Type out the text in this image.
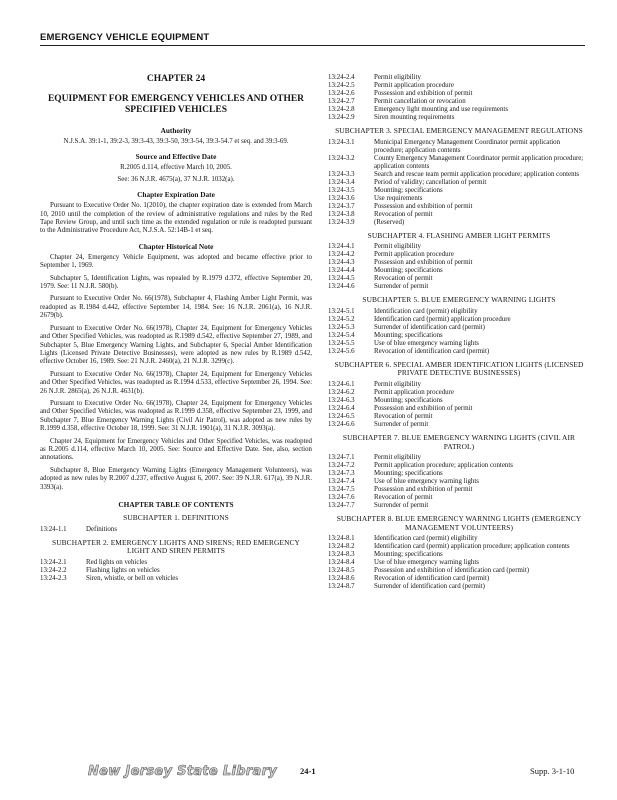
EMERGENCY VEHICLE EQUIPMENT
CHAPTER 24
EQUIPMENT FOR EMERGENCY VEHICLES AND OTHER SPECIFIED VEHICLES
Authority
N.J.S.A. 39:1-1, 39:2-3, 39:3-43, 39:3-50, 39:3-54, 39:3-54.7 et seq. and 39:3-69.
Source and Effective Date
R.2005 d.114, effective March 10, 2005.
See: 36 N.J.R. 4675(a), 37 N.J.R. 1032(a).
Chapter Expiration Date
Pursuant to Executive Order No. 1(2010), the chapter expiration date is extended from March 10, 2010 until the completion of the review of administrative regulations and rules by the Red Tape Review Group, and until such time as the extended regulation or rule is readopted pursuant to the Administrative Procedure Act, N.J.S.A. 52:14B-1 et seq.
Chapter Historical Note
Chapter 24, Emergency Vehicle Equipment, was adopted and became effective prior to September 1, 1969.
Subchapter 5, Identification Lights, was repealed by R.1979 d.372, effective September 20, 1979. See: 11 N.J.R. 580(b).
Pursuant to Executive Order No. 66(1978), Subchapter 4, Flashing Amber Light Permit, was readopted as R.1984 d.442, effective September 14, 1984. See: 16 N.J.R. 2061(a), 16 N.J.R. 2679(b).
Pursuant to Executive Order No. 66(1978), Chapter 24, Equipment for Emergency Vehicles and Other Specified Vehicles, was readopted as R.1989 d.542, effective September 27, 1989, and Subchapter 5, Blue Emergency Warning Lights, and Subchapter 6, Special Amber Identification Lights (Licensed Private Detective Businesses), were adopted as new rules by R.1989 d.542, effective October 16, 1989. See: 21 N.J.R. 2460(a), 21 N.J.R. 3299(c).
Pursuant to Executive Order No. 66(1978), Chapter 24, Equipment for Emergency Vehicles and Other Specified Vehicles, was readopted as R.1994 d.533, effective September 26, 1994. See: 26 N.J.R. 2865(a), 26 N.J.R. 4631(b).
Pursuant to Executive Order No. 66(1978), Chapter 24, Equipment for Emergency Vehicles and Other Specified Vehicles, was readopted as R.1999 d.358, effective September 23, 1999, and Subchapter 7, Blue Emergency Warning Lights (Civil Air Patrol), was adopted as new rules by R.1999 d.358, effective October 18, 1999. See: 31 N.J.R. 1901(a), 31 N.J.R. 3093(a).
Chapter 24, Equipment for Emergency Vehicles and Other Specified Vehicles, was readopted as R.2005 d.114, effective March 10, 2005. See: Source and Effective Date. See, also, section annotations.
Subchapter 8, Blue Emergency Warning Lights (Emergency Management Volunteers), was adopted as new rules by R.2007 d.237, effective August 6, 2007. See: 39 N.J.R. 617(a), 39 N.J.R. 3393(a).
CHAPTER TABLE OF CONTENTS
SUBCHAPTER 1. DEFINITIONS
13:24-1.1	Definitions
SUBCHAPTER 2. EMERGENCY LIGHTS AND SIRENS; RED EMERGENCY LIGHT AND SIREN PERMITS
13:24-2.1	Red lights on vehicles
13:24-2.2	Flashing lights on vehicles
13:24-2.3	Siren, whistle, or bell on vehicles
13:24-2.4	Permit eligibility
13:24-2.5	Permit application procedure
13:24-2.6	Possession and exhibition of permit
13:24-2.7	Permit cancellation or revocation
13:24-2.8	Emergency light mounting and use requirements
13:24-2.9	Siren mounting requirements
SUBCHAPTER 3. SPECIAL EMERGENCY MANAGEMENT REGULATIONS
13:24-3.1	Municipal Emergency Management Coordinator permit application procedure; application contents
13:24-3.2	County Emergency Management Coordinator permit application procedure; application contents
13:24-3.3	Search and rescue team permit application procedure; application contents
13:24-3.4	Period of validity; cancellation of permit
13:24-3.5	Mounting; specifications
13:24-3.6	Use requirements
13:24-3.7	Possession and exhibition of permit
13:24-3.8	Revocation of permit
13:24-3.9	(Reserved)
SUBCHAPTER 4. FLASHING AMBER LIGHT PERMITS
13:24-4.1	Permit eligibility
13:24-4.2	Permit application procedure
13:24-4.3	Possession and exhibition of permit
13:24-4.4	Mounting; specifications
13:24-4.5	Revocation of permit
13:24-4.6	Surrender of permit
SUBCHAPTER 5. BLUE EMERGENCY WARNING LIGHTS
13:24-5.1	Identification card (permit) eligibility
13:24-5.2	Identification card (permit) application procedure
13:24-5.3	Surrender of identification card (permit)
13:24-5.4	Mounting; specifications
13:24-5.5	Use of blue emergency warning lights
13:24-5.6	Revocation of identification card (permit)
SUBCHAPTER 6. SPECIAL AMBER IDENTIFICATION LIGHTS (LICENSED PRIVATE DETECTIVE BUSINESSES)
13:24-6.1	Permit eligibility
13:24-6.2	Permit application procedure
13:24-6.3	Mounting; specifications
13:24-6.4	Possession and exhibition of permit
13:24-6.5	Revocation of permit
13:24-6.6	Surrender of permit
SUBCHAPTER 7. BLUE EMERGENCY WARNING LIGHTS (CIVIL AIR PATROL)
13:24-7.1	Permit eligibility
13:24-7.2	Permit application procedure; application contents
13:24-7.3	Mounting; specifications
13:24-7.4	Use of blue emergency warning lights
13:24-7.5	Possession and exhibition of permit
13:24-7.6	Revocation of permit
13:24-7.7	Surrender of permit
SUBCHAPTER 8. BLUE EMERGENCY WARNING LIGHTS (EMERGENCY MANAGEMENT VOLUNTEERS)
13:24-8.1	Identification card (permit) eligibility
13:24-8.2	Identification card (permit) application procedure; application contents
13:24-8.3	Mounting; specifications
13:24-8.4	Use of blue emergency warning lights
13:24-8.5	Possession and exhibition of identification card (permit)
13:24-8.6	Revocation of identification card (permit)
13:24-8.7	Surrender of identification card (permit)
New Jersey State Library	24-1	Supp. 3-1-10
